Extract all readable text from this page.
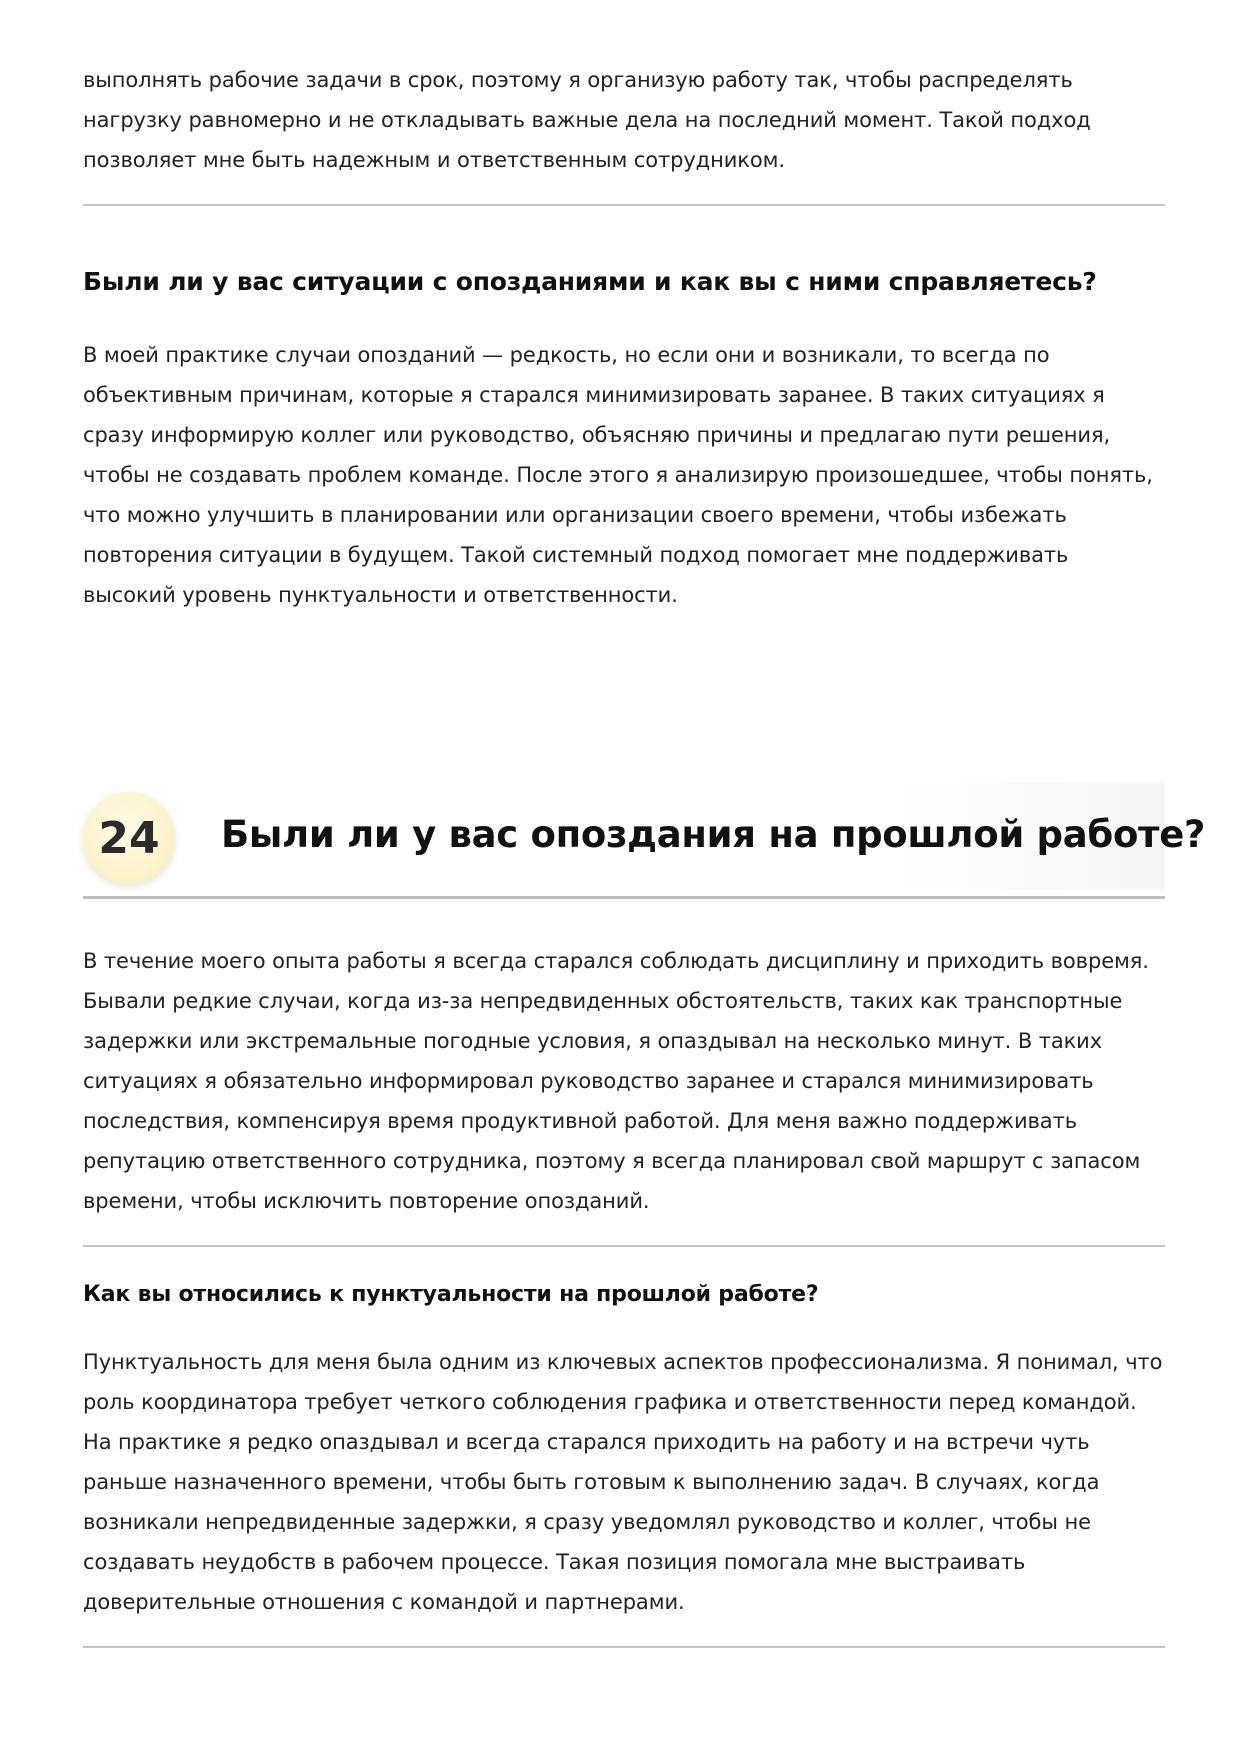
выполнять рабочие задачи в срок, поэтому я организую работу так, чтобы распределять нагрузку равномерно и не откладывать важные дела на последний момент. Такой подход позволяет мне быть надежным и ответственным сотрудником.

Были ли у вас ситуации с опозданиями и как вы с ними справляетесь?

В моей практике случаи опозданий — редкость, но если они и возникали, то всегда по объективным причинам, которые я старался минимизировать заранее. В таких ситуациях я сразу информирую коллег или руководство, объясняю причины и предлагаю пути решения, чтобы не создавать проблем команде. После этого я анализирую произошедшее, чтобы понять, что можно улучшить в планировании или организации своего времени, чтобы избежать повторения ситуации в будущем. Такой системный подход помогает мне поддерживать высокий уровень пунктуальности и ответственности.

24	Были ли у вас опоздания на прошлой работе?

В течение моего опыта работы я всегда старался соблюдать дисциплину и приходить вовремя. Бывали редкие случаи, когда из-за непредвиденных обстоятельств, таких как транспортные задержки или экстремальные погодные условия, я опаздывал на несколько минут. В таких ситуациях я обязательно информировал руководство заранее и старался минимизировать последствия, компенсируя время продуктивной работой. Для меня важно поддерживать репутацию ответственного сотрудника, поэтому я всегда планировал свой маршрут с запасом времени, чтобы исключить повторение опозданий.

Как вы относились к пунктуальности на прошлой работе?

Пунктуальность для меня была одним из ключевых аспектов профессионализма. Я понимал, что роль координатора требует четкого соблюдения графика и ответственности перед командой. На практике я редко опаздывал и всегда старался приходить на работу и на встречи чуть раньше назначенного времени, чтобы быть готовым к выполнению задач. В случаях, когда возникали непредвиденные задержки, я сразу уведомлял руководство и коллег, чтобы не создавать неудобств в рабочем процессе. Такая позиция помогала мне выстраивать доверительные отношения с командой и партнерами.
